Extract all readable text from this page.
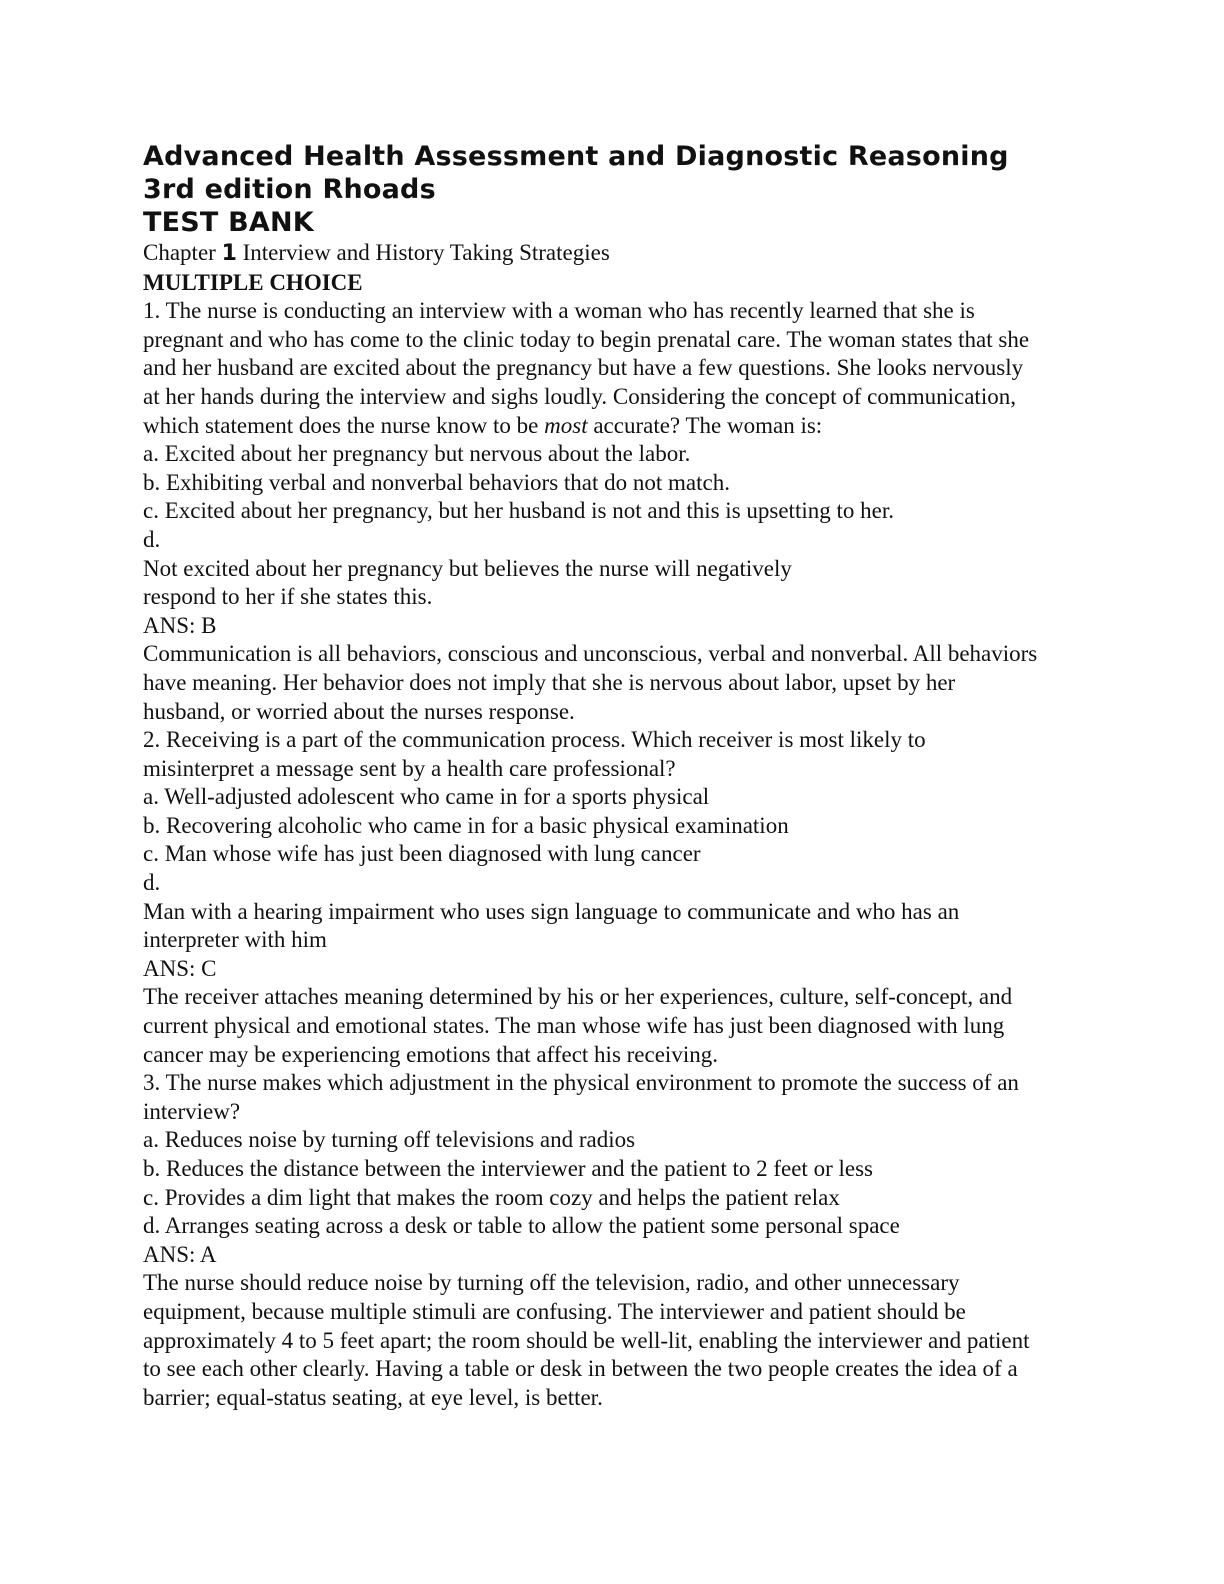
Advanced Health Assessment and Diagnostic Reasoning

3rd edition Rhoads

TEST BANK

Chapter 1 Interview and History Taking Strategies

MULTIPLE CHOICE

1. The nurse is conducting an interview with a woman who has recently learned that she is

pregnant and who has come to the clinic today to begin prenatal care. The woman states that she

and her husband are excited about the pregnancy but have a few questions. She looks nervously

at her hands during the interview and sighs loudly. Considering the concept of communication,

which statement does the nurse know to be most accurate? The woman is:

a. Excited about her pregnancy but nervous about the labor.

b. Exhibiting verbal and nonverbal behaviors that do not match.

c. Excited about her pregnancy, but her husband is not and this is upsetting to her.

d.

Not excited about her pregnancy but believes the nurse will negatively

respond to her if she states this.

ANS: B

Communication is all behaviors, conscious and unconscious, verbal and nonverbal. All behaviors

have meaning. Her behavior does not imply that she is nervous about labor, upset by her

husband, or worried about the nurses response.

2. Receiving is a part of the communication process. Which receiver is most likely to

misinterpret a message sent by a health care professional?

a. Well-adjusted adolescent who came in for a sports physical

b. Recovering alcoholic who came in for a basic physical examination

c. Man whose wife has just been diagnosed with lung cancer

d.

Man with a hearing impairment who uses sign language to communicate and who has an

interpreter with him

ANS: C

The receiver attaches meaning determined by his or her experiences, culture, self-concept, and

current physical and emotional states. The man whose wife has just been diagnosed with lung

cancer may be experiencing emotions that affect his receiving.

3. The nurse makes which adjustment in the physical environment to promote the success of an

interview?

a. Reduces noise by turning off televisions and radios

b. Reduces the distance between the interviewer and the patient to 2 feet or less

c. Provides a dim light that makes the room cozy and helps the patient relax

d. Arranges seating across a desk or table to allow the patient some personal space

ANS: A

The nurse should reduce noise by turning off the television, radio, and other unnecessary

equipment, because multiple stimuli are confusing. The interviewer and patient should be

approximately 4 to 5 feet apart; the room should be well-lit, enabling the interviewer and patient

to see each other clearly. Having a table or desk in between the two people creates the idea of a

barrier; equal-status seating, at eye level, is better.
